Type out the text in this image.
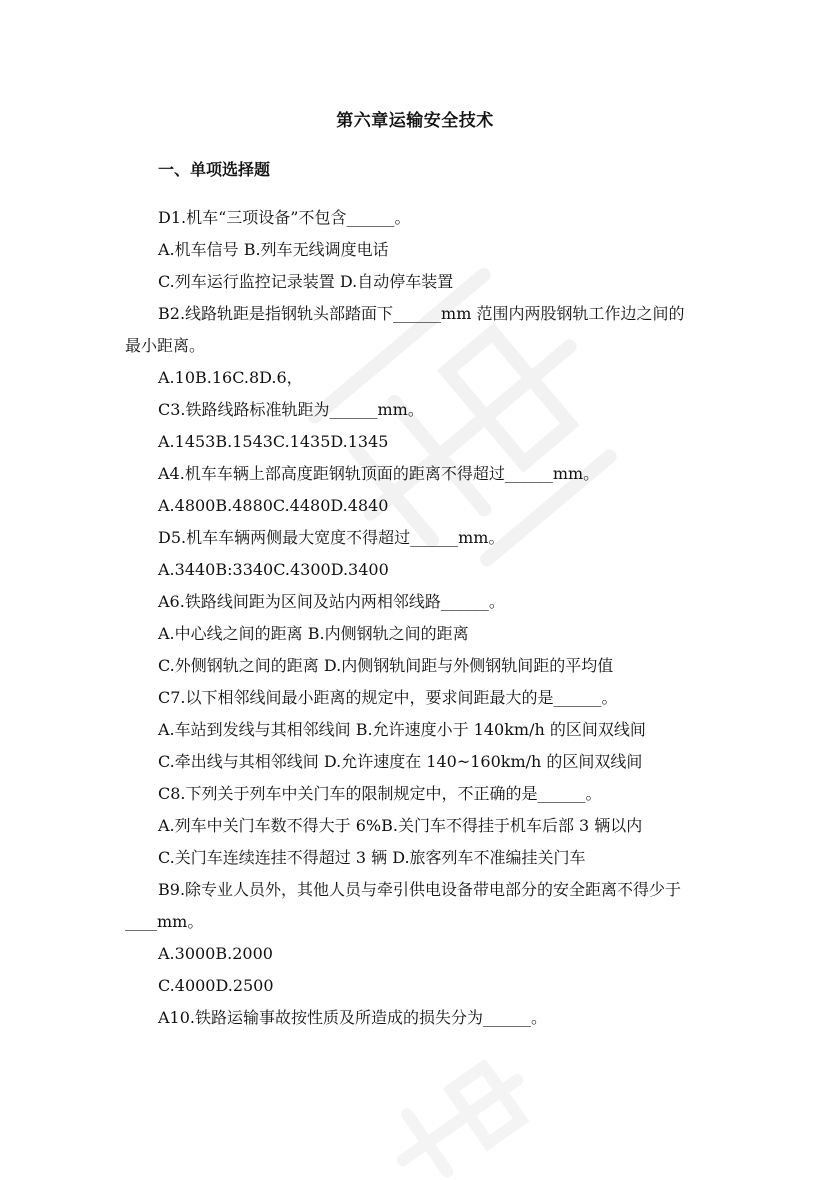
第六章运输安全技术
一、单项选择题
D1.机车“三项设备”不包含______。
A.机车信号 B.列车无线调度电话
C.列车运行监控记录装置 D.自动停车装置
B2.线路轨距是指钢轨头部踏面下______mm 范围内两股钢轨工作边之间的
最小距离。
A.10B.16C.8D.6，
C3.铁路线路标准轨距为______mm。
A.1453B.1543C.1435D.1345
A4.机车车辆上部高度距钢轨顶面的距离不得超过______mm。
A.4800B.4880C.4480D.4840
D5.机车车辆两侧最大宽度不得超过______mm。
A.3440B:3340C.4300D.3400
A6.铁路线间距为区间及站内两相邻线路______。
A.中心线之间的距离 B.内侧钢轨之间的距离
C.外侧钢轨之间的距离 D.内侧钢轨间距与外侧钢轨间距的平均值
C7.以下相邻线间最小距离的规定中，要求间距最大的是______。
A.车站到发线与其相邻线间 B.允许速度小于 140km/h 的区间双线间
C.牵出线与其相邻线间 D.允许速度在 140~160km/h 的区间双线间
C8.下列关于列车中关门车的限制规定中，不正确的是______。
A.列车中关门车数不得大于 6%B.关门车不得挂于机车后部 3 辆以内
C.关门车连续连挂不得超过 3 辆 D.旅客列车不准编挂关门车
B9.除专业人员外，其他人员与牵引供电设备带电部分的安全距离不得少于
____mm。
A.3000B.2000
C.4000D.2500
A10.铁路运输事故按性质及所造成的损失分为______。
